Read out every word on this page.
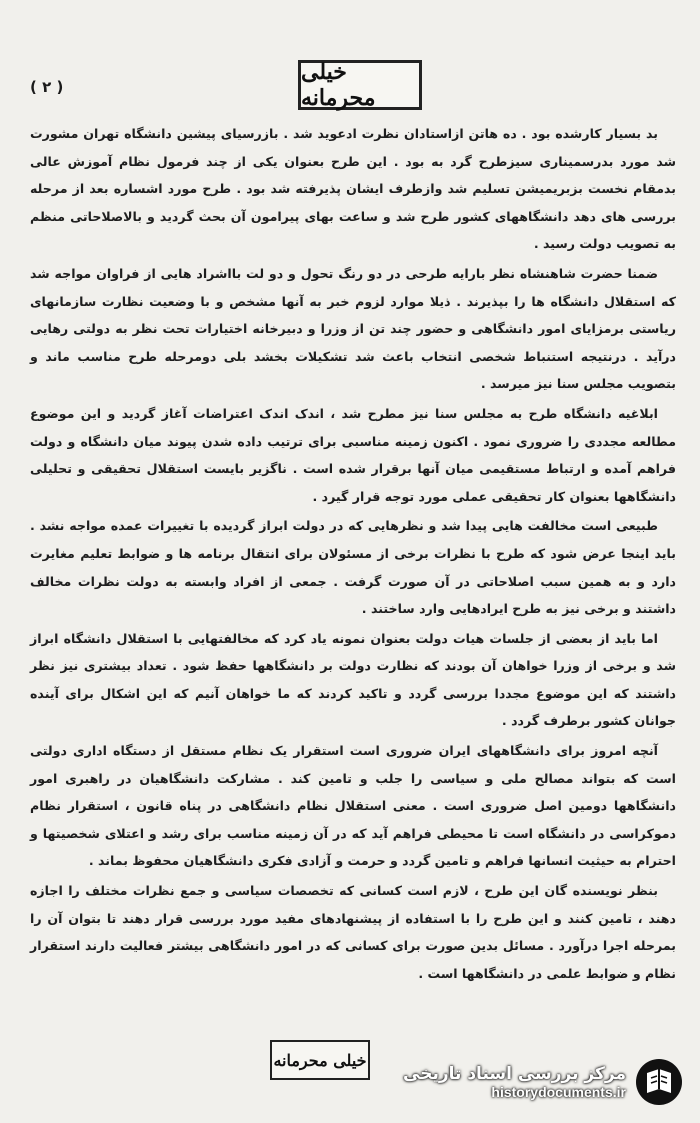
( ۲ )
خیلی محرمانه

بد بسیار کارشده بود . ده هاتن ازاستادان نظرت ادعوید شد . بازرسیای پیشین دانشگاه تهران مشورت شد مورد بدرسمیناری سیزطرح گرد به بود . این طرح بعنوان یکی از چند فرمول نظام آموزش عالی بدمقام نخست بزبریمیشن تسلیم شد وازطرف ایشان پذیرفته شد بود . طرح مورد اشساره بعد از مرحله بررسی های دهد دانشگاههای کشور طرح شد و ساعت بهای پیرامون آن بحث گردید و بالاصلاحاتی منظم به تصویب دولت رسید .

ضمنا حضرت شاهنشاه نظر بارایه طرحی در دو رنگ تحول و دو لت بااشراد هایی از فراوان مواجه شد که استقلال دانشگاه ها را بپذیرند . ذیلا موارد لزوم خبر به آنها مشخص و با وضعیت نظارت سازمانهای ریاستی برمزایای امور دانشگاهی و حضور چند تن از وزرا و دبیرخانه اختیارات تحت نظر به دولتی رهایی درآید . درنتیجه استنباط شخصی انتخاب باعث شد تشکیلات بخشد بلی دومرحله طرح مناسب ماند و بتصویب مجلس سنا نیز میرسد .

ابلاغیه دانشگاه طرح به مجلس سنا نیز مطرح شد ، اندک اندک اعتراضات آغاز گردید و این موضوع مطالعه مجددی را ضروری نمود . اکنون زمینه مناسبی برای ترتیب داده شدن پیوند میان دانشگاه و دولت فراهم آمده و ارتباط مستقیمی میان آنها برقرار شده است . ناگزیر بایست استقلال تحقیقی و تحلیلی دانشگاهها بعنوان کار تحقیقی عملی مورد توجه قرار گیرد .

طبیعی است مخالفت هایی پیدا شد و نظرهایی که در دولت ابراز گردیده با تغییرات عمده مواجه نشد . باید اینجا عرض شود که طرح با نظرات برخی از مسئولان برای انتقال برنامه ها و ضوابط تعلیم مغایرت دارد و به همین سبب اصلاحاتی در آن صورت گرفت . جمعی از افراد وابسته به دولت نظرات مخالف داشتند و برخی نیز به طرح ایرادهایی وارد ساختند .

اما باید از بعضی از جلسات هیات دولت بعنوان نمونه یاد کرد که مخالفتهایی با استقلال دانشگاه ابراز شد و برخی از وزرا خواهان آن بودند که نظارت دولت بر دانشگاهها حفظ شود . تعداد بیشتری نیز نظر داشتند که این موضوع مجددا بررسی گردد و تاکید کردند که ما خواهان آنیم که این اشکال برای آینده جوانان کشور برطرف گردد .

آنچه امروز برای دانشگاههای ایران ضروری است استقرار یک نظام مستقل از دستگاه اداری دولتی است که بتواند مصالح ملی و سیاسی را جلب و تامین کند . مشارکت دانشگاهیان در راهبری امور دانشگاهها دومین اصل ضروری است . معنی استقلال نظام دانشگاهی در پناه قانون ، استقرار نظام دموکراسی در دانشگاه است تا محیطی فراهم آید که در آن زمینه مناسب برای رشد و اعتلای شخصیتها و احترام به حیثیت انسانها فراهم و تامین گردد و حرمت و آزادی فکری دانشگاهیان محفوظ بماند .

بنظر نویسنده گان این طرح ، لازم است کسانی که تخصصات سیاسی و جمع نظرات مختلف را اجازه دهند ، تامین کنند و این طرح را با استفاده از پیشنهادهای مفید مورد بررسی قرار دهند تا بتوان آن را بمرحله اجرا درآورد . مسائل بدین صورت برای کسانی که در امور دانشگاهی بیشتر فعالیت دارند استقرار نظام و ضوابط علمی در دانشگاهها است .

خیلی محرمانه
مرکز بررسی اسناد تاریخی
historydocuments.ir
